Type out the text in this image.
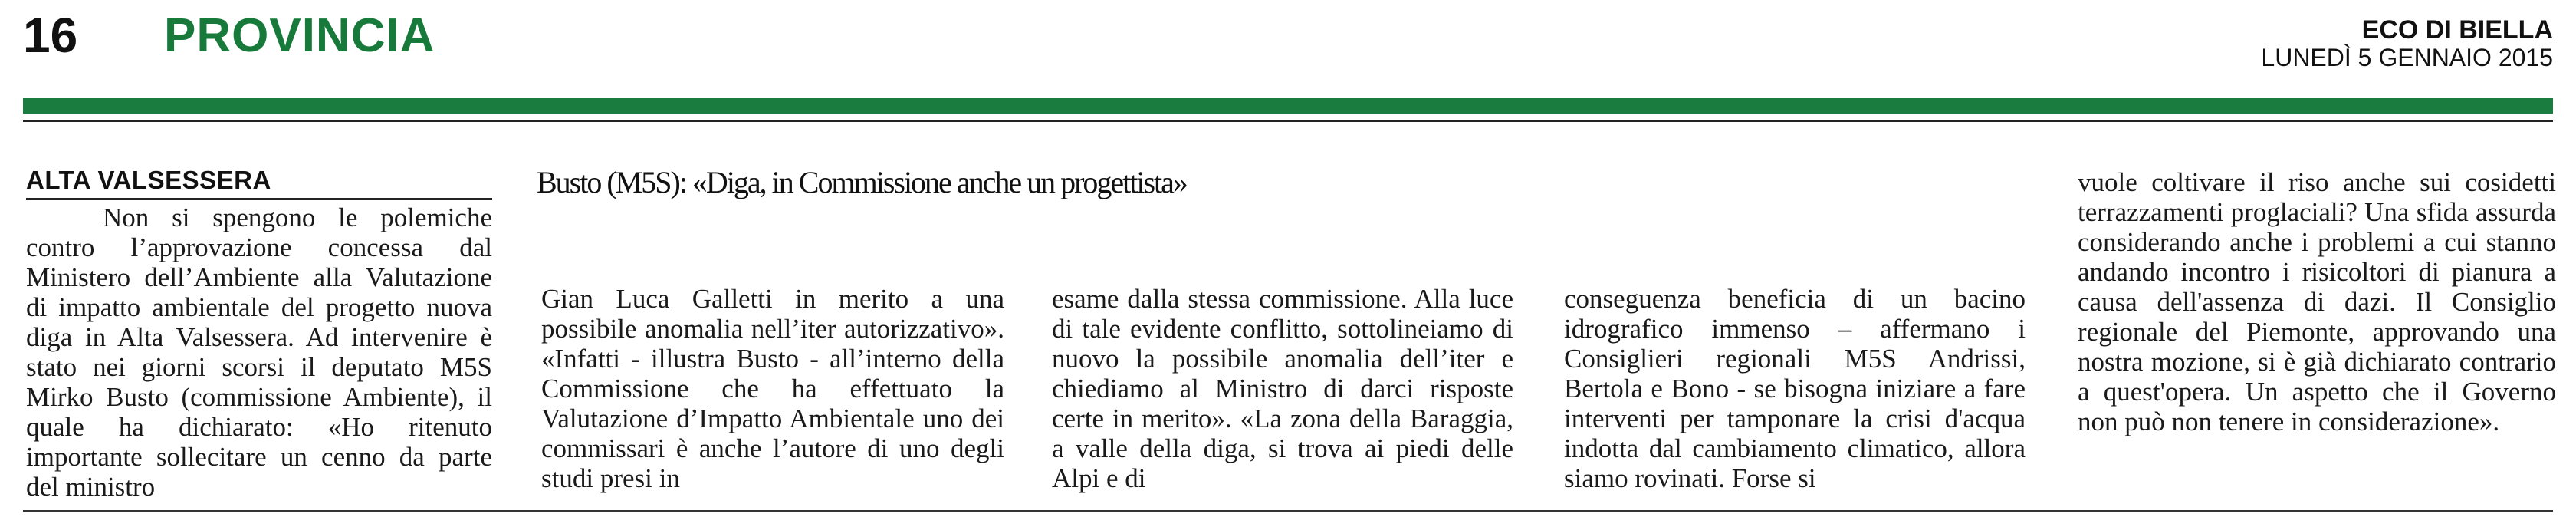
16 PROVINCIA	ECO DI BIELLA
LUNEDÌ 5 GENNAIO 2015
ALTA VALSESSERA	Busto (M5S): «Diga, in Commissione anche un progettista»

Non si spengono le polemiche contro l’approvazione concessa dal Ministero dell’Ambiente alla Valutazione di impatto ambientale del progetto nuova diga in Alta Valsessera. Ad intervenire è stato nei giorni scorsi il deputato M5S Mirko Busto (commissione Ambiente), il quale ha dichiarato: «Ho ritenuto importante sollecitare un cenno da parte del ministro

Gian Luca Galletti in merito a una possibile anomalia nell’iter autorizzativo». «Infatti - illustra Busto - all’interno della Commissione che ha effettuato la Valutazione d’Impatto Ambientale uno dei commissari è anche l’autore di uno degli studi presi in

esame dalla stessa commissione. Alla luce di tale evidente conflitto, sottolineiamo di nuovo la possibile anomalia dell’iter e chiediamo al Ministro di darci risposte certe in merito». «La zona della Baraggia, a valle della diga, si trova ai piedi delle Alpi e di

conseguenza beneficia di un bacino idrografico immenso – affermano i Consiglieri regionali M5S Andrissi, Bertola e Bono - se bisogna iniziare a fare interventi per tamponare la crisi d'acqua indotta dal cambiamento climatico, allora siamo rovinati. Forse si

vuole coltivare il riso anche sui cosidetti terrazzamenti proglaciali? Una sfida assurda considerando anche i problemi a cui stanno andando incontro i risicoltori di pianura a causa dell'assenza di dazi. Il Consiglio regionale del Piemonte, approvando una nostra mozione, si è già dichiarato contrario a quest'opera. Un aspetto che il Governo non può non tenere in considerazione».
